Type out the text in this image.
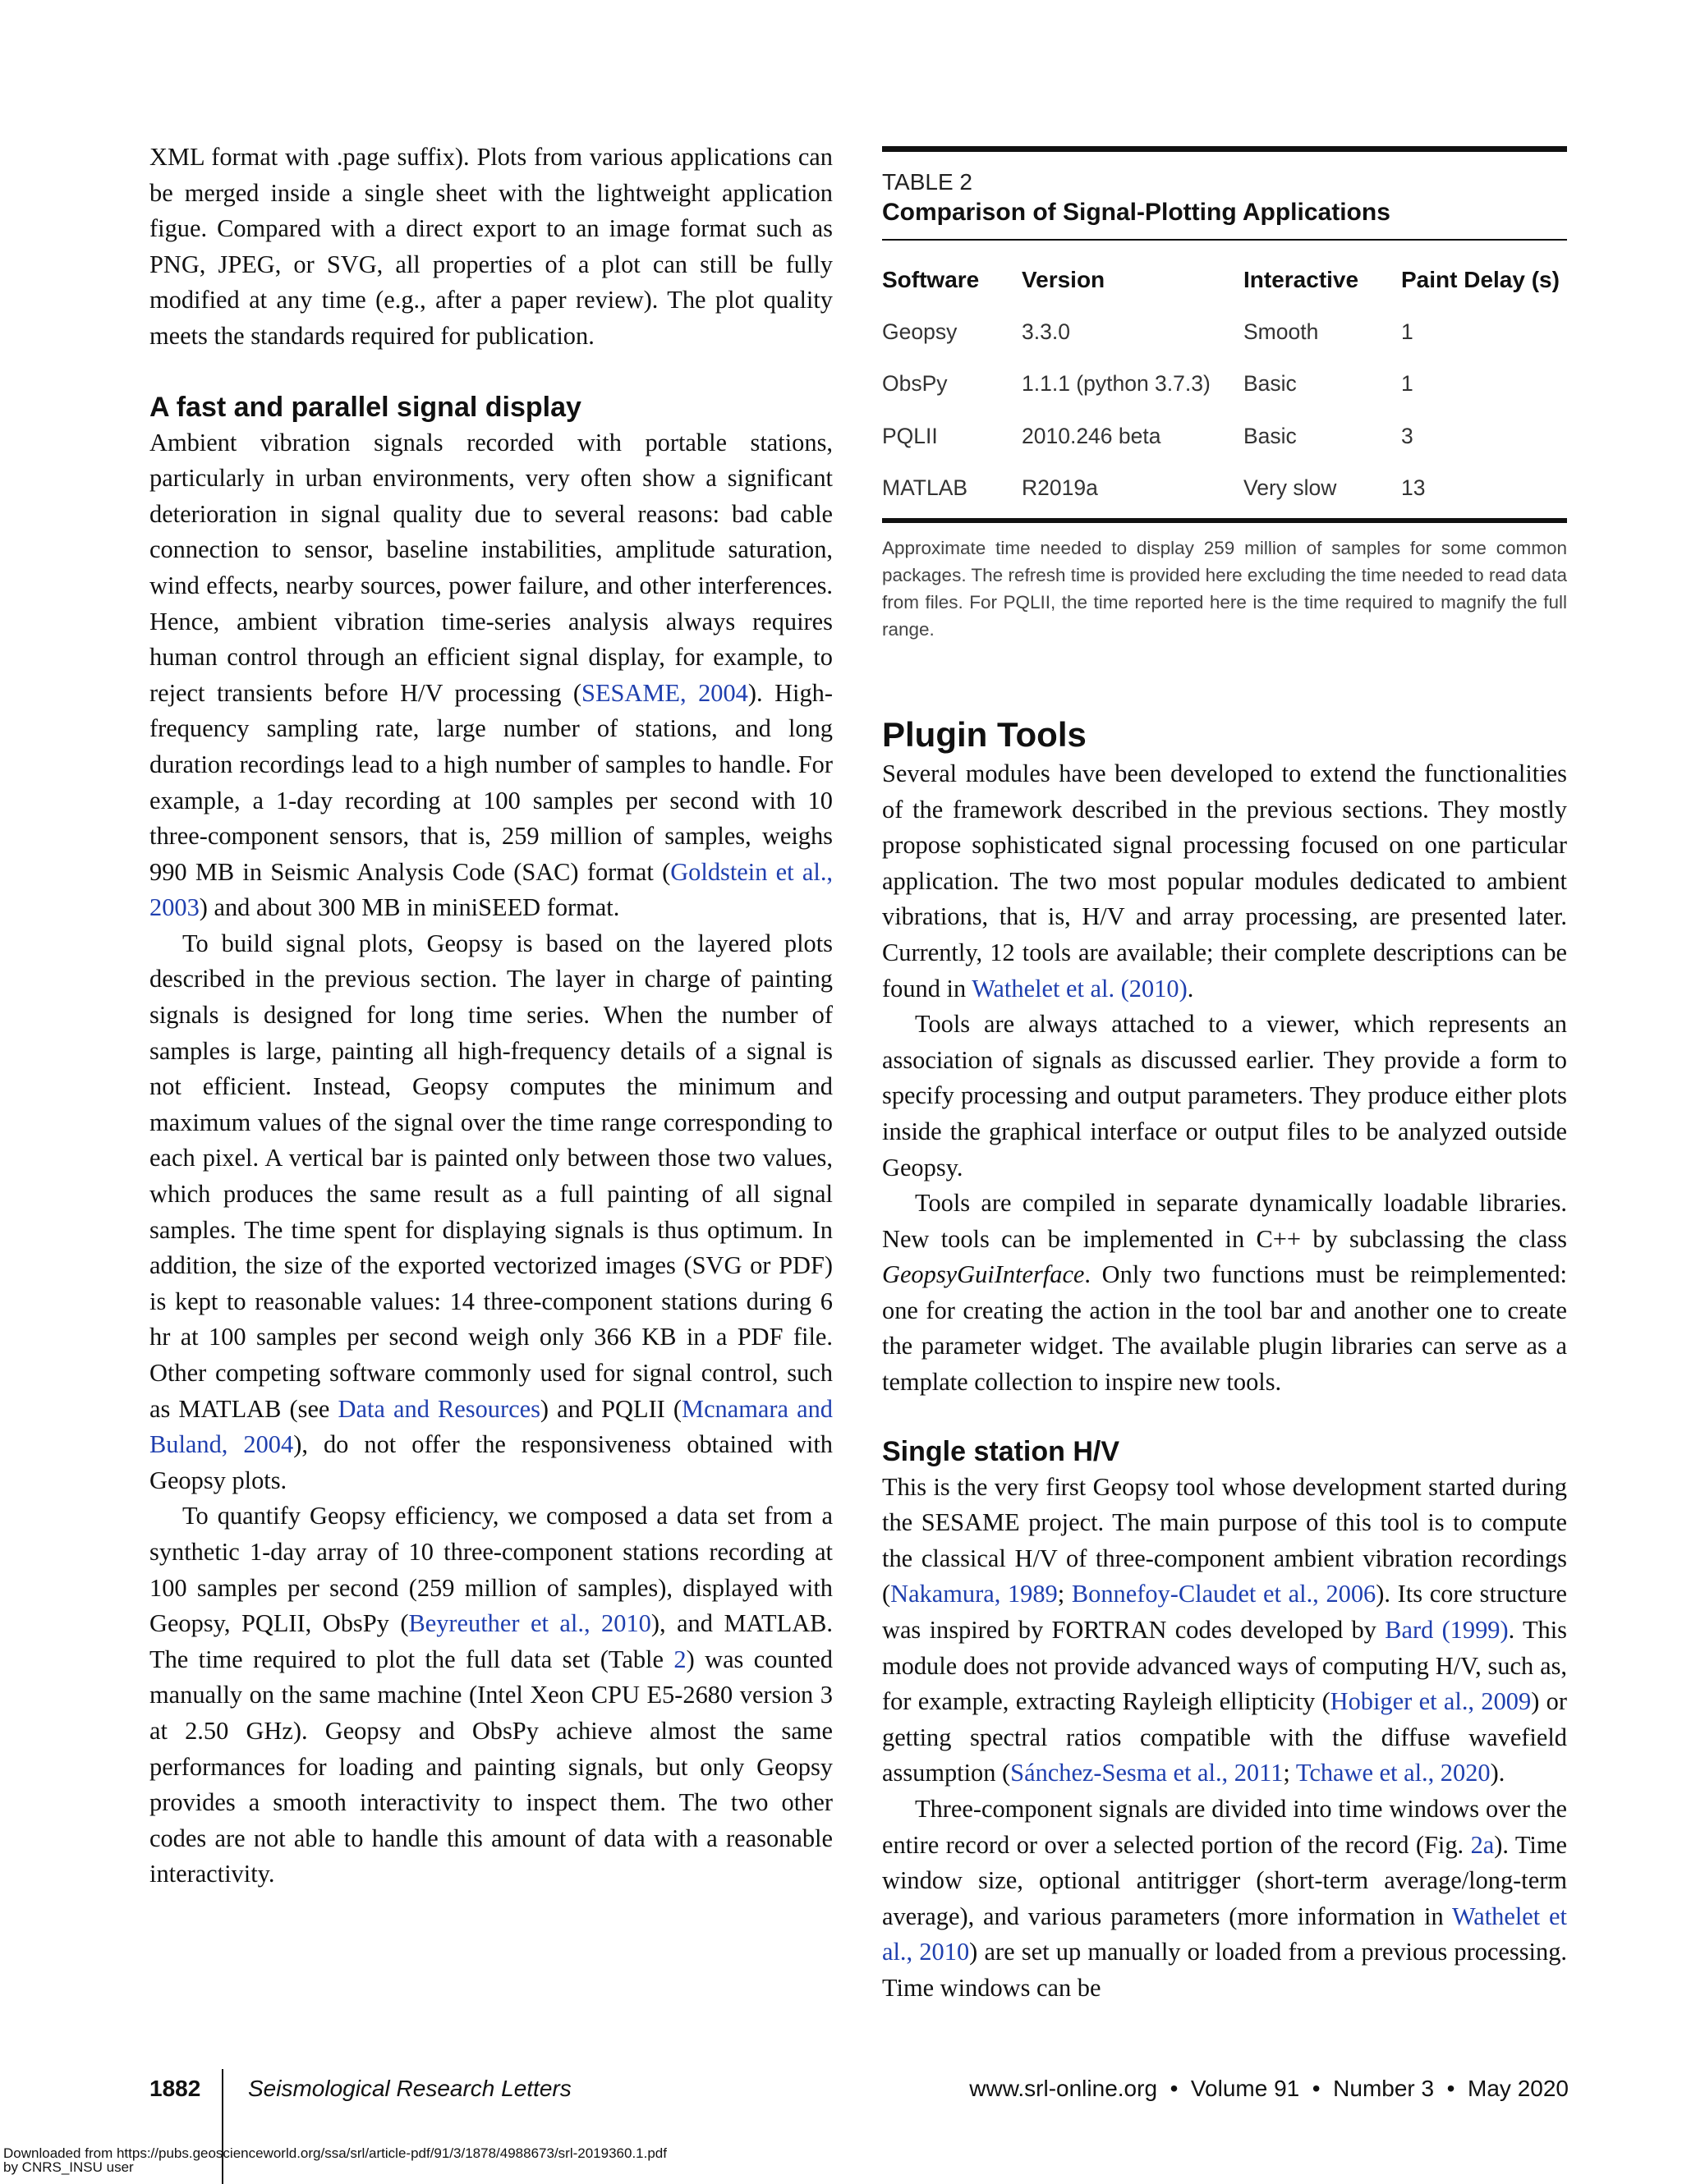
XML format with .page suffix). Plots from various applications can be merged inside a single sheet with the lightweight application figue. Compared with a direct export to an image format such as PNG, JPEG, or SVG, all properties of a plot can still be fully modified at any time (e.g., after a paper review). The plot quality meets the standards required for publication.

A fast and parallel signal display

Ambient vibration signals recorded with portable stations, particularly in urban environments, very often show a significant deterioration in signal quality due to several reasons: bad cable connection to sensor, baseline instabilities, amplitude saturation, wind effects, nearby sources, power failure, and other interferences. Hence, ambient vibration time-series analysis always requires human control through an efficient signal display, for example, to reject transients before H/V processing (SESAME, 2004). High-frequency sampling rate, large number of stations, and long duration recordings lead to a high number of samples to handle. For example, a 1-day recording at 100 samples per second with 10 three-component sensors, that is, 259 million of samples, weighs 990 MB in Seismic Analysis Code (SAC) format (Goldstein et al., 2003) and about 300 MB in miniSEED format.

To build signal plots, Geopsy is based on the layered plots described in the previous section. The layer in charge of painting signals is designed for long time series. When the number of samples is large, painting all high-frequency details of a signal is not efficient. Instead, Geopsy computes the minimum and maximum values of the signal over the time range corresponding to each pixel. A vertical bar is painted only between those two values, which produces the same result as a full painting of all signal samples. The time spent for displaying signals is thus optimum. In addition, the size of the exported vectorized images (SVG or PDF) is kept to reasonable values: 14 three-component stations during 6 hr at 100 samples per second weigh only 366 KB in a PDF file. Other competing software commonly used for signal control, such as MATLAB (see Data and Resources) and PQLII (Mcnamara and Buland, 2004), do not offer the responsiveness obtained with Geopsy plots.

To quantify Geopsy efficiency, we composed a data set from a synthetic 1-day array of 10 three-component stations recording at 100 samples per second (259 million of samples), displayed with Geopsy, PQLII, ObsPy (Beyreuther et al., 2010), and MATLAB. The time required to plot the full data set (Table 2) was counted manually on the same machine (Intel Xeon CPU E5-2680 version 3 at 2.50 GHz). Geopsy and ObsPy achieve almost the same performances for loading and painting signals, but only Geopsy provides a smooth interactivity to inspect them. The two other codes are not able to handle this amount of data with a reasonable interactivity.

TABLE 2
Comparison of Signal-Plotting Applications
Software	Version	Interactive	Paint Delay (s)
Geopsy	3.3.0	Smooth	1
ObsPy	1.1.1 (python 3.7.3)	Basic	1
PQLII	2010.246 beta	Basic	3
MATLAB	R2019a	Very slow	13
Approximate time needed to display 259 million of samples for some common packages. The refresh time is provided here excluding the time needed to read data from files. For PQLII, the time reported here is the time required to magnify the full range.
Plugin Tools

Several modules have been developed to extend the functionalities of the framework described in the previous sections. They mostly propose sophisticated signal processing focused on one particular application. The two most popular modules dedicated to ambient vibrations, that is, H/V and array processing, are presented later. Currently, 12 tools are available; their complete descriptions can be found in Wathelet et al. (2010).

Tools are always attached to a viewer, which represents an association of signals as discussed earlier. They provide a form to specify processing and output parameters. They produce either plots inside the graphical interface or output files to be analyzed outside Geopsy.

Tools are compiled in separate dynamically loadable libraries. New tools can be implemented in C++ by subclassing the class GeopsyGuiInterface. Only two functions must be reimplemented: one for creating the action in the tool bar and another one to create the parameter widget. The available plugin libraries can serve as a template collection to inspire new tools.

Single station H/V

This is the very first Geopsy tool whose development started during the SESAME project. The main purpose of this tool is to compute the classical H/V of three-component ambient vibration recordings (Nakamura, 1989; Bonnefoy-Claudet et al., 2006). Its core structure was inspired by FORTRAN codes developed by Bard (1999). This module does not provide advanced ways of computing H/V, such as, for example, extracting Rayleigh ellipticity (Hobiger et al., 2009) or getting spectral ratios compatible with the diffuse wavefield assumption (Sánchez-Sesma et al., 2011; Tchawe et al., 2020).

Three-component signals are divided into time windows over the entire record or over a selected portion of the record (Fig. 2a). Time window size, optional antitrigger (short-term average/long-term average), and various parameters (more information in Wathelet et al., 2010) are set up manually or loaded from a previous processing. Time windows can be

1882 Seismological Research Letters	www.srl-online.org  •  Volume 91  •  Number 3  •  May 2020
Downloaded from https://pubs.geoscienceworld.org/ssa/srl/article-pdf/91/3/1878/4988673/srl-2019360.1.pdf
by CNRS_INSU user
